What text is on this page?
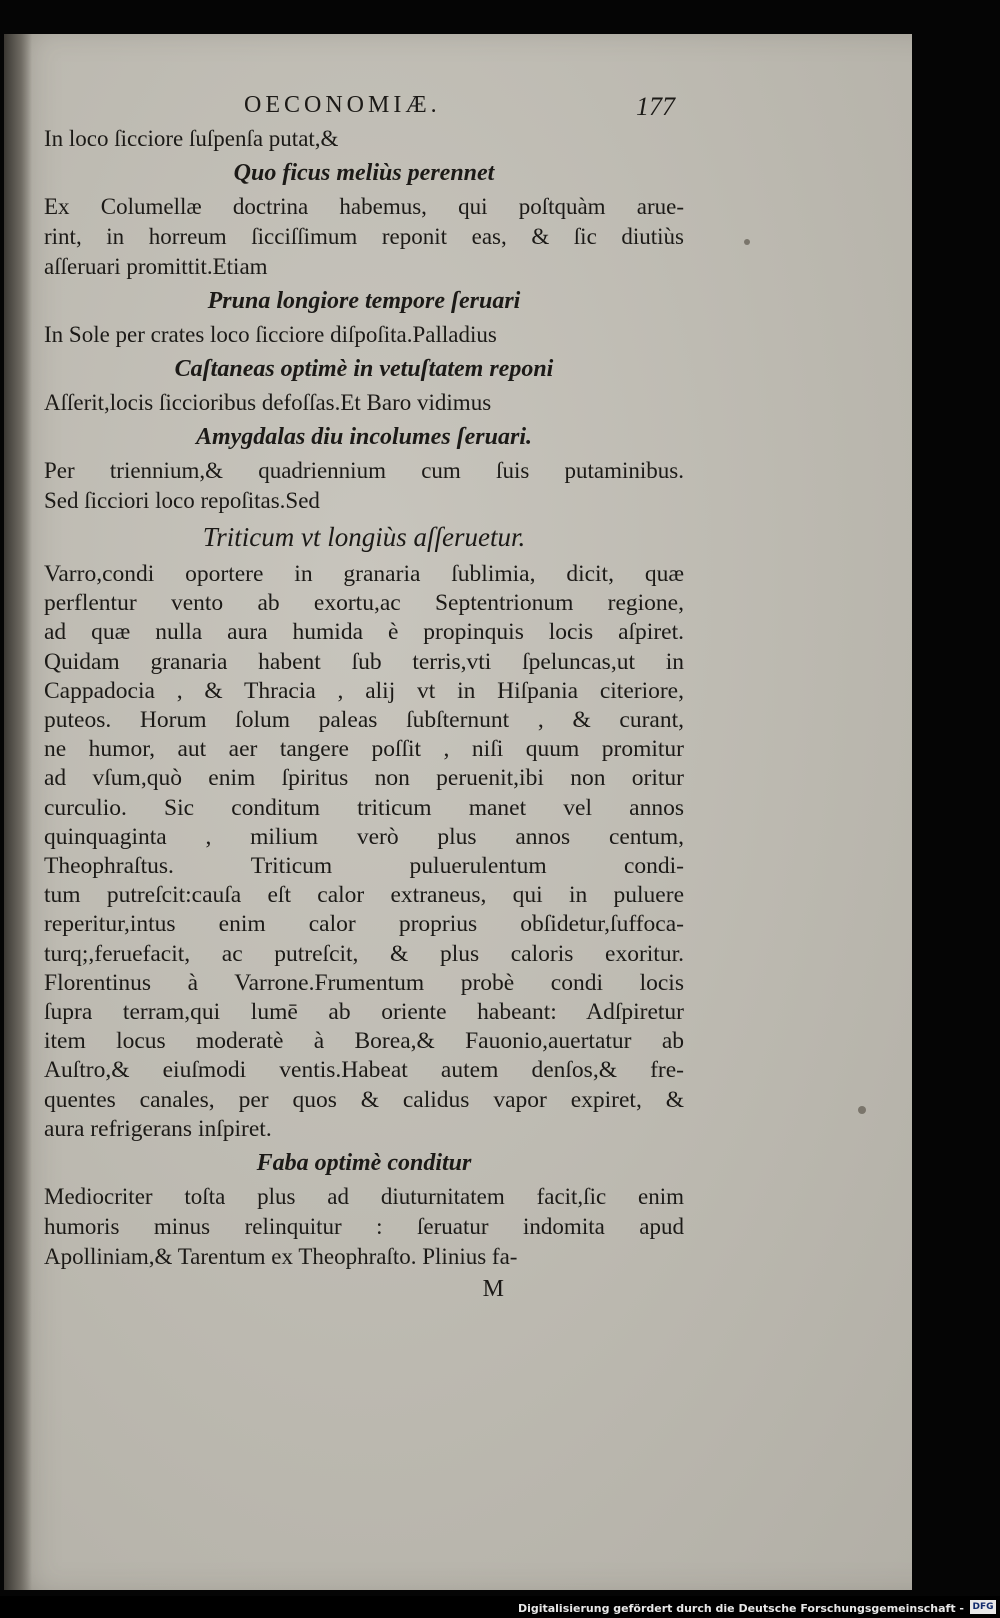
OECONOMIÆ.	177
In loco ſicciore ſuſpenſa putat,&
Quo ficus meliùs perennet
Ex Columellæ doctrina habemus, qui poſtquàm arue-
rint, in horreum ſicciſſimum reponit eas, & ſic diutiùs
aſſeruari promittit.Etiam
Pruna longiore tempore ſeruari
In Sole per crates loco ſicciore diſpoſita.Palladius
Caſtaneas optimè in vetuſtatem reponi
Aſſerit,locis ſiccioribus defoſſas.Et Baro vidimus
Amygdalas diu incolumes ſeruari.
Per triennium,& quadriennium cum ſuis putaminibus.
Sed ſicciori loco repoſitas.Sed
Triticum vt longiùs aſſeruetur.
Varro,condi oportere in granaria ſublimia, dicit, quæ
perflentur vento ab exortu,ac Septentrionum regione,
ad quæ nulla aura humida è propinquis locis aſpiret.
Quidam granaria habent ſub terris,vti ſpeluncas,ut in
Cappadocia , & Thracia , alij vt in Hiſpania citeriore,
puteos. Horum ſolum paleas ſubſternunt , & curant,
ne humor, aut aer tangere poſſit , niſi quum promitur
ad vſum,quò enim ſpiritus non peruenit,ibi non oritur
curculio. Sic conditum triticum manet vel annos
quinquaginta , milium verò plus annos centum,
Theophraſtus. Triticum puluerulentum condi-
tum putreſcit:cauſa eſt calor extraneus, qui in puluere
reperitur,intus enim calor proprius obſidetur,ſuffoca-
turq;,feruefacit, ac putreſcit, & plus caloris exoritur.
Florentinus à Varrone.Frumentum probè condi locis
ſupra terram,qui lumē ab oriente habeant: Adſpiretur
item locus moderatè à Borea,& Fauonio,auertatur ab
Auſtro,& eiuſmodi ventis.Habeat autem denſos,& fre-
quentes canales, per quos & calidus vapor expiret, &
aura refrigerans inſpiret.
Faba optimè conditur
Mediocriter toſta plus ad diuturnitatem facit,ſic enim
humoris minus relinquitur : ſeruatur indomita apud
Apolliniam,& Tarentum ex Theophraſto. Plinius fa-
M
Digitalisierung gefördert durch die Deutsche Forschungsgemeinschaft - DFG
